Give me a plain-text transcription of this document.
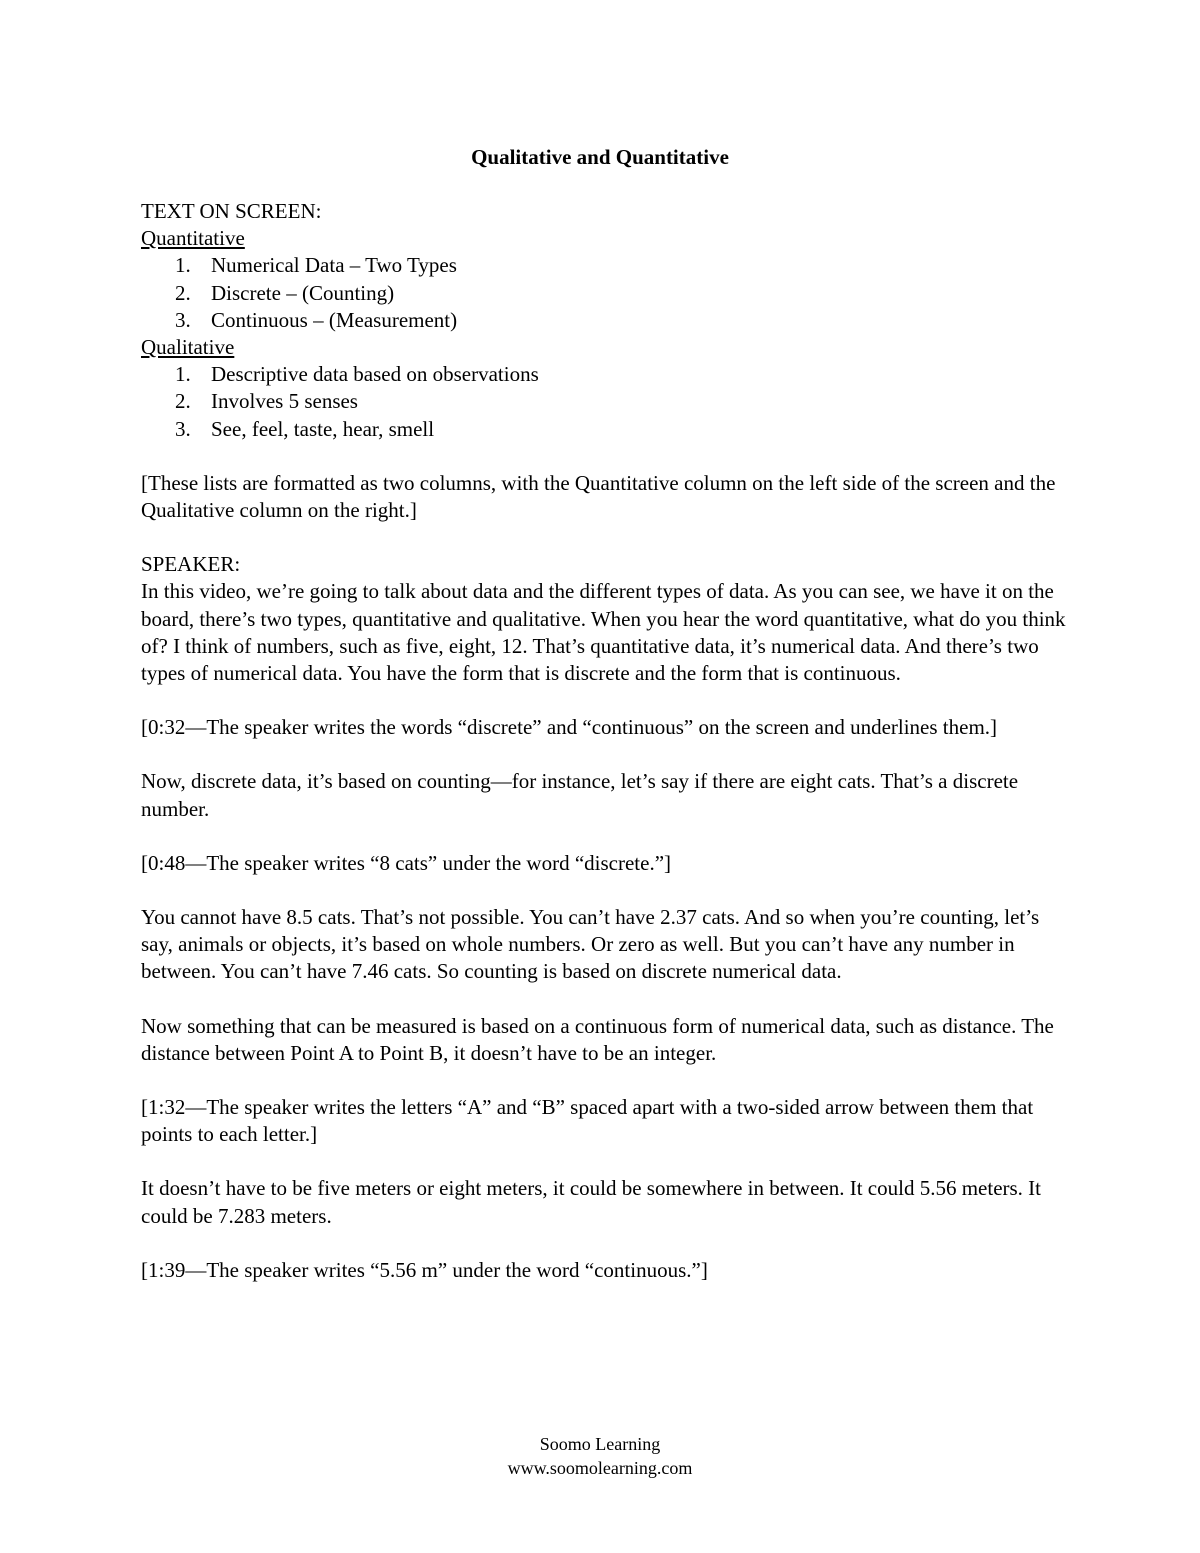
Qualitative and Quantitative

TEXT ON SCREEN:

Quantitative

1. Numerical Data – Two Types
2. Discrete – (Counting)
3. Continuous – (Measurement)

Qualitative

1. Descriptive data based on observations
2. Involves 5 senses
3. See, feel, taste, hear, smell

[These lists are formatted as two columns, with the Quantitative column on the left side of the screen and the Qualitative column on the right.]

SPEAKER:

In this video, we’re going to talk about data and the different types of data. As you can see, we have it on the board, there’s two types, quantitative and qualitative. When you hear the word quantitative, what do you think of? I think of numbers, such as five, eight, 12. That’s quantitative data, it’s numerical data. And there’s two types of numerical data. You have the form that is discrete and the form that is continuous.

[0:32—The speaker writes the words “discrete” and “continuous” on the screen and underlines them.]

Now, discrete data, it’s based on counting—for instance, let’s say if there are eight cats. That’s a discrete number.

[0:48—The speaker writes “8 cats” under the word “discrete.”]

You cannot have 8.5 cats. That’s not possible. You can’t have 2.37 cats. And so when you’re counting, let’s say, animals or objects, it’s based on whole numbers. Or zero as well. But you can’t have any number in between. You can’t have 7.46 cats. So counting is based on discrete numerical data.

Now something that can be measured is based on a continuous form of numerical data, such as distance. The distance between Point A to Point B, it doesn’t have to be an integer.

[1:32—The speaker writes the letters “A” and “B” spaced apart with a two-sided arrow between them that points to each letter.]

It doesn’t have to be five meters or eight meters, it could be somewhere in between. It could 5.56 meters. It could be 7.283 meters.

[1:39—The speaker writes “5.56 m” under the word “continuous.”]

Soomo Learning
www.soomolearning.com
